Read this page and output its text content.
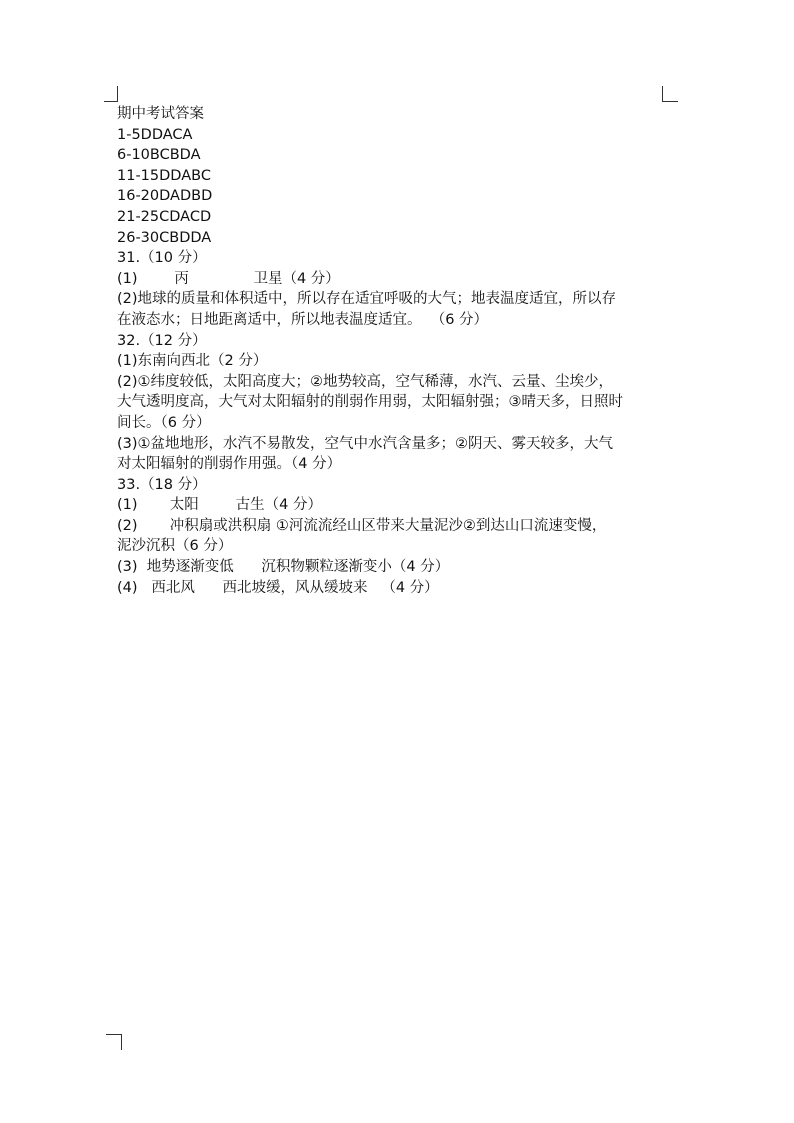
期中考试答案
1-5DDACA
6-10BCBDA
11-15DDABC
16-20DADBD
21-25CDACD
26-30CBDDA
31.（10 分）
(1)        丙              卫星（4 分）
(2)地球的质量和体积适中，所以存在适宜呼吸的大气；地表温度适宜，所以存
在液态水；日地距离适中，所以地表温度适宜。  （6 分）
32.（12 分）
(1)东南向西北（2 分）
(2)①纬度较低，太阳高度大；②地势较高，空气稀薄，水汽、云量、尘埃少，
大气透明度高，大气对太阳辐射的削弱作用弱，太阳辐射强；③晴天多，日照时
间长。（6 分）
(3)①盆地地形，水汽不易散发，空气中水汽含量多；②阴天、雾天较多，大气
对太阳辐射的削弱作用强。（4 分）
33.（18 分）
(1)       太阳        古生（4 分）
(2)       冲积扇或洪积扇 ①河流流经山区带来大量泥沙②到达山口流速变慢，
泥沙沉积（6 分）
(3)  地势逐渐变低      沉积物颗粒逐渐变小（4 分）
(4)   西北风      西北坡缓，风从缓坡来   （4 分）
